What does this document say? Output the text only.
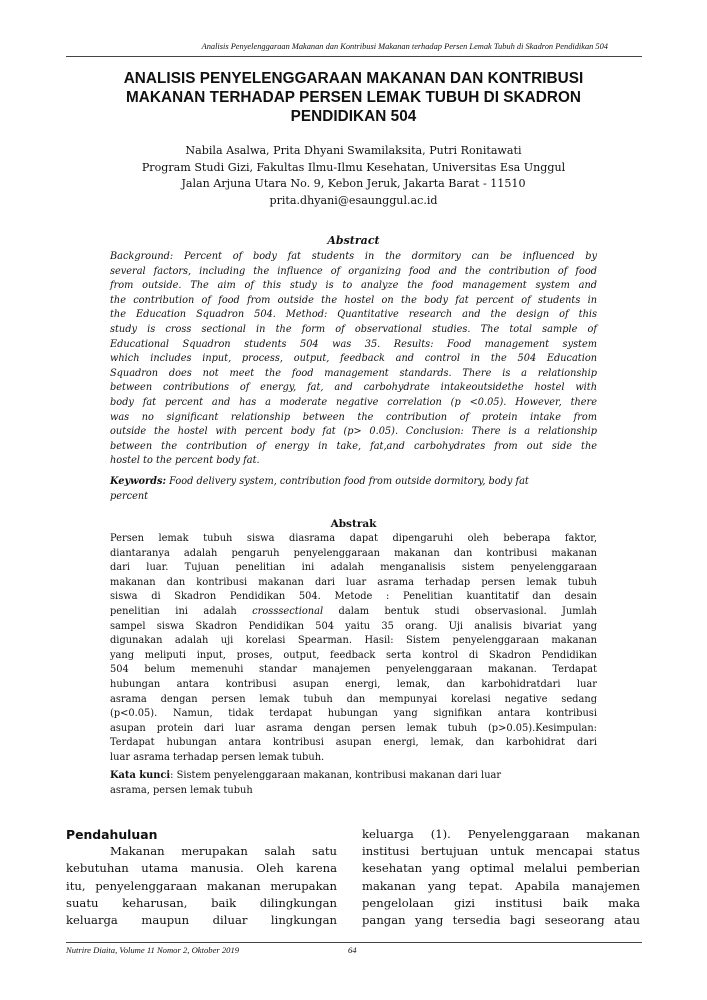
Analisis Penyelenggaraan Makanan dan Kontribusi Makanan terhadap Persen Lemak Tubuh di Skadron Pendidikan 504
ANALISIS PENYELENGGARAAN MAKANAN DAN KONTRIBUSI
MAKANAN TERHADAP PERSEN LEMAK TUBUH DI SKADRON
PENDIDIKAN 504
Nabila Asalwa, Prita Dhyani Swamilaksita, Putri Ronitawati
Program Studi Gizi, Fakultas Ilmu-Ilmu Kesehatan, Universitas Esa Unggul
Jalan Arjuna Utara No. 9, Kebon Jeruk, Jakarta Barat - 11510
prita.dhyani@esaunggul.ac.id
Abstract
Background: Percent of body fat students in the dormitory can be influenced by
several factors, including the influence of organizing food and the contribution of food
from outside. The aim of this study is to analyze the food management system and
the contribution of food from outside the hostel on the body fat percent of students in
the Education Squadron 504. Method: Quantitative research and the design of this
study is cross sectional in the form of observational studies. The total sample of
Educational Squadron students 504 was 35. Results: Food management system
which includes input, process, output, feedback and control in the 504 Education
Squadron does not meet the food management standards. There is a relationship
between contributions of energy, fat, and carbohydrate intakeoutsidethe hostel with
body fat percent and has a moderate negative correlation (p <0.05). However, there
was no significant relationship between the contribution of protein intake from
outside the hostel with percent body fat (p> 0.05). Conclusion: There is a relationship
between the contribution of energy in take, fat,and carbohydrates from out side the
hostel to the percent body fat.
Keywords: Food delivery system, contribution food from outside dormitory, body fat
percent
Abstrak
Persen lemak tubuh siswa diasrama dapat dipengaruhi oleh beberapa faktor,
diantaranya adalah pengaruh penyelenggaraan makanan dan kontribusi makanan
dari luar. Tujuan penelitian ini adalah menganalisis sistem penyelenggaraan
makanan dan kontribusi makanan dari luar asrama terhadap persen lemak tubuh
siswa di Skadron Pendidikan 504. Metode : Penelitian kuantitatif dan desain
penelitian ini adalah crosssectional dalam bentuk studi observasional. Jumlah
sampel siswa Skadron Pendidikan 504 yaitu 35 orang. Uji analisis bivariat yang
digunakan adalah uji korelasi Spearman. Hasil: Sistem penyelenggaraan makanan
yang meliputi input, proses, output, feedback serta kontrol di Skadron Pendidikan
504 belum memenuhi standar manajemen penyelenggaraan makanan. Terdapat
hubungan antara kontribusi asupan energi, lemak, dan karbohidratdari luar
asrama dengan persen lemak tubuh dan mempunyai korelasi negative sedang
(p<0.05). Namun, tidak terdapat hubungan yang signifikan antara kontribusi
asupan protein dari luar asrama dengan persen lemak tubuh (p>0.05).Kesimpulan:
Terdapat hubungan antara kontribusi asupan energi, lemak, dan karbohidrat dari
luar asrama terhadap persen lemak tubuh.
Kata kunci: Sistem penyelenggaraan makanan, kontribusi makanan dari luar
asrama, persen lemak tubuh
Pendahuluan
Makanan merupakan salah satu
kebutuhan utama manusia. Oleh karena
itu, penyelenggaraan makanan merupakan
suatu keharusan, baik dilingkungan
keluarga maupun diluar lingkungan
keluarga (1). Penyelenggaraan makanan
institusi bertujuan untuk mencapai status
kesehatan yang optimal melalui pemberian
makanan yang tepat. Apabila manajemen
pengelolaan gizi institusi baik maka
pangan yang tersedia bagi seseorang atau
Nutrire Diaita, Volume 11 Nomor 2, Oktober 2019	64
